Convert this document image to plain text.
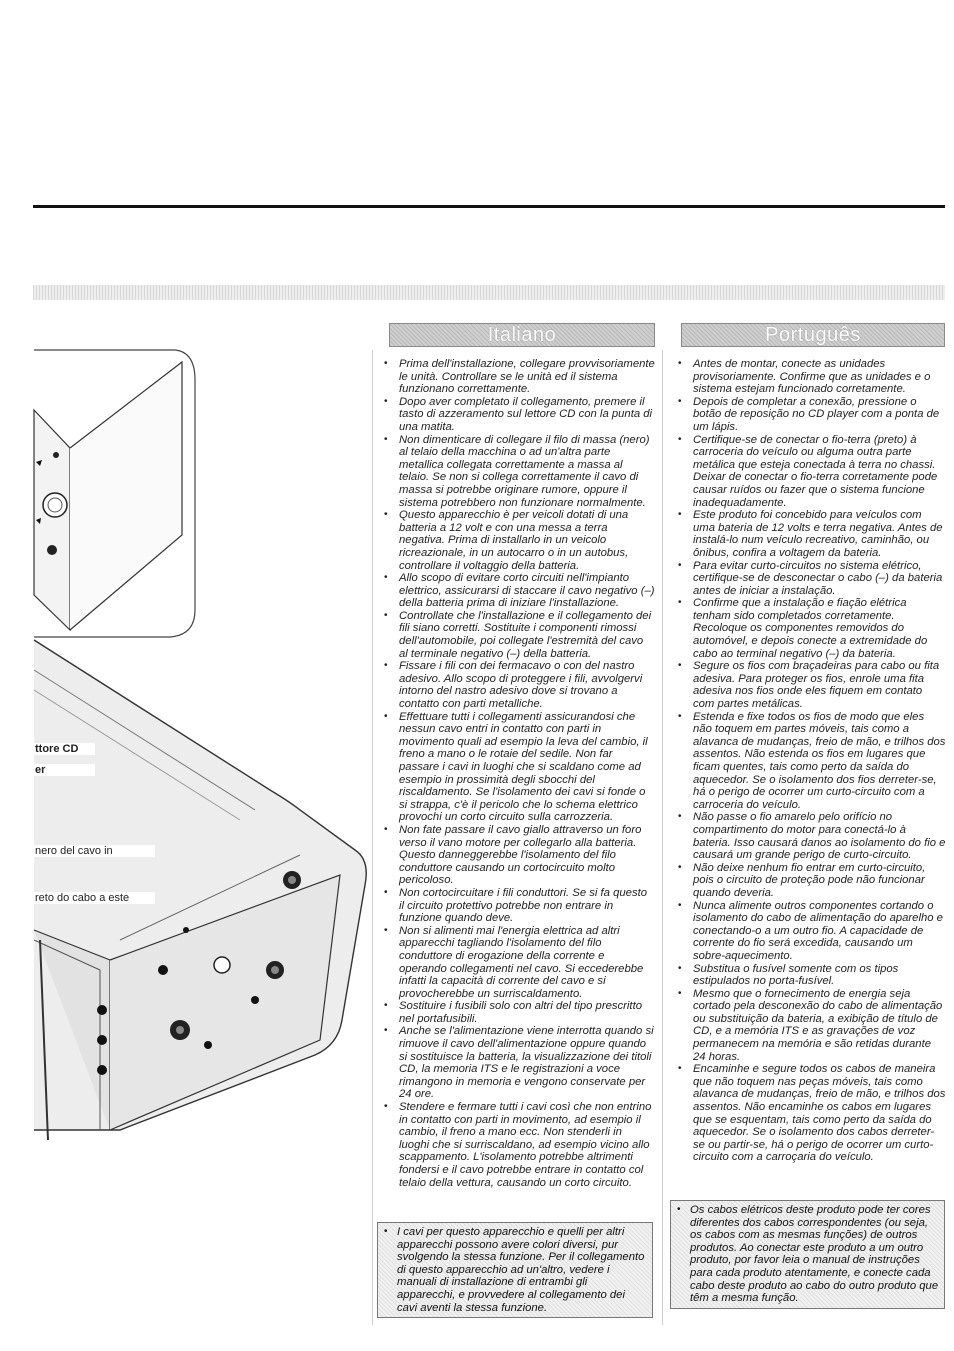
ttore CD
er
nero del cavo in
reto do cabo a este
Italiano
• Prima dell'installazione, collegare provvisoriamente le unità. Controllare se le unità ed il sistema funzionano correttamente.
• Dopo aver completato il collegamento, premere il tasto di azzeramento sul lettore CD con la punta di una matita.
• Non dimenticare di collegare il filo di massa (nero) al telaio della macchina o ad un'altra parte metallica collegata correttamente a massa al telaio. Se non si collega correttamente il cavo di massa si potrebbe originare rumore, oppure il sistema potrebbero non funzionare normalmente.
• Questo apparecchio è per veicoli dotati di una batteria a 12 volt e con una messa a terra negativa. Prima di installarlo in un veicolo ricreazionale, in un autocarro o in un autobus, controllare il voltaggio della batteria.
• Allo scopo di evitare corto circuiti nell'impianto elettrico, assicurarsi di staccare il cavo negativo (–) della batteria prima di iniziare l'installazione.
• Controllate che l'installazione e il collegamento dei fili siano corretti. Sostituite i componenti rimossi dell'automobile, poi collegate l'estremità del cavo al terminale negativo (–) della batteria.
• Fissare i fili con dei fermacavo o con del nastro adesivo. Allo scopo di proteggere i fili, avvolgervi intorno del nastro adesivo dove si trovano a contatto con parti metalliche.
• Effettuare tutti i collegamenti assicurandosi che nessun cavo entri in contatto con parti in movimento quali ad esempio la leva del cambio, il freno a mano o le rotaie del sedile. Non far passare i cavi in luoghi che si scaldano come ad esempio in prossimità degli sbocchi del riscaldamento. Se l'isolamento dei cavi si fonde o si strappa, c'è il pericolo che lo schema elettrico provochi un corto circuito sulla carrozzeria.
• Non fate passare il cavo giallo attraverso un foro verso il vano motore per collegarlo alla batteria. Questo danneggerebbe l'isolamento del filo conduttore causando un cortocircuito molto pericoloso.
• Non cortocircuitare i fili conduttori. Se si fa questo il circuito protettivo potrebbe non entrare in funzione quando deve.
• Non si alimenti mai l'energia elettrica ad altri apparecchi tagliando l'isolamento del filo conduttore di erogazione della corrente e operando collegamenti nel cavo. Si eccederebbe infatti la capacità di corrente del cavo e si provocherebbe un surriscaldamento.
• Sostituire i fusibili solo con altri del tipo prescritto nel portafusibili.
• Anche se l'alimentazione viene interrotta quando si rimuove il cavo dell'alimentazione oppure quando si sostituisce la batteria, la visualizzazione dei titoli CD, la memoria ITS e le registrazioni a voce rimangono in memoria e vengono conservate per 24 ore.
• Stendere e fermare tutti i cavi così che non entrino in contatto con parti in movimento, ad esempio il cambio, il freno a mano ecc. Non stenderli in luoghi che si surriscaldano, ad esempio vicino allo scappamento. L'isolamento potrebbe altrimenti fondersi e il cavo potrebbe entrare in contatto col telaio della vettura, causando un corto circuito.
• I cavi per questo apparecchio e quelli per altri apparecchi possono avere colori diversi, pur svolgendo la stessa funzione. Per il collegamento di questo apparecchio ad un'altro, vedere i manuali di installazione di entrambi gli apparecchi, e provvedere al collegamento dei cavi aventi la stessa funzione.
Português
• Antes de montar, conecte as unidades provisoriamente. Confirme que as unidades e o sistema estejam funcionado corretamente.
• Depois de completar a conexão, pressione o botão de reposição no CD player com a ponta de um lápis.
• Certifique-se de conectar o fio-terra (preto) à carroceria do veículo ou alguma outra parte metálica que esteja conectada à terra no chassi. Deixar de conectar o fio-terra corretamente pode causar ruídos ou fazer que o sistema funcione inadequadamente.
• Este produto foi concebido para veículos com uma bateria de 12 volts e terra negativa. Antes de instalá-lo num veículo recreativo, caminhão, ou ônibus, confira a voltagem da bateria.
• Para evitar curto-circuitos no sistema elétrico, certifique-se de desconectar o cabo (–) da bateria antes de iniciar a instalação.
• Confirme que a instalação e fiação elétrica tenham sido completados corretamente. Recoloque os componentes removidos do automóvel, e depois conecte a extremidade do cabo ao terminal negativo (–) da bateria.
• Segure os fios com braçadeiras para cabo ou fita adesiva. Para proteger os fios, enrole uma fita adesiva nos fios onde eles fiquem em contato com partes metálicas.
• Estenda e fixe todos os fios de modo que eles não toquem em partes móveis, tais como a alavanca de mudanças, freio de mão, e trilhos dos assentos. Não estenda os fios em lugares que ficam quentes, tais como perto da saída do aquecedor. Se o isolamento dos fios derreter-se, há o perigo de ocorrer um curto-circuito com a carroceria do veículo.
• Não passe o fio amarelo pelo orifício no compartimento do motor para conectá-lo à bateria. Isso causará danos ao isolamento do fio e causará um grande perigo de curto-circuito.
• Não deixe nenhum fio entrar em curto-circuito, pois o circuito de proteção pode não funcionar quando deveria.
• Nunca alimente outros componentes cortando o isolamento do cabo de alimentação do aparelho e conectando-o a um outro fio. A capacidade de corrente do fio será excedida, causando um sobre-aquecimento.
• Substitua o fusível somente com os tipos estipulados no porta-fusível.
• Mesmo que o fornecimento de energia seja cortado pela desconexão do cabo de alimentação ou substituição da bateria, a exibição de título de CD, e a memória ITS e as gravações de voz permanecem na memória e são retidas durante 24 horas.
• Encaminhe e segure todos os cabos de maneira que não toquem nas peças móveis, tais como alavanca de mudanças, freio de mão, e trilhos dos assentos. Não encaminhe os cabos em lugares que se esquentam, tais como perto da saída do aquecedor. Se o isolamento dos cabos derreter-se ou partir-se, há o perigo de ocorrer um curto-circuito com a carroçaria do veículo.
• Os cabos elétricos deste produto pode ter cores diferentes dos cabos correspondentes (ou seja, os cabos com as mesmas funções) de outros produtos. Ao conectar este produto a um outro produto, por favor leia o manual de instruções para cada produto atentamente, e conecte cada cabo deste produto ao cabo do outro produto que têm a mesma função.
